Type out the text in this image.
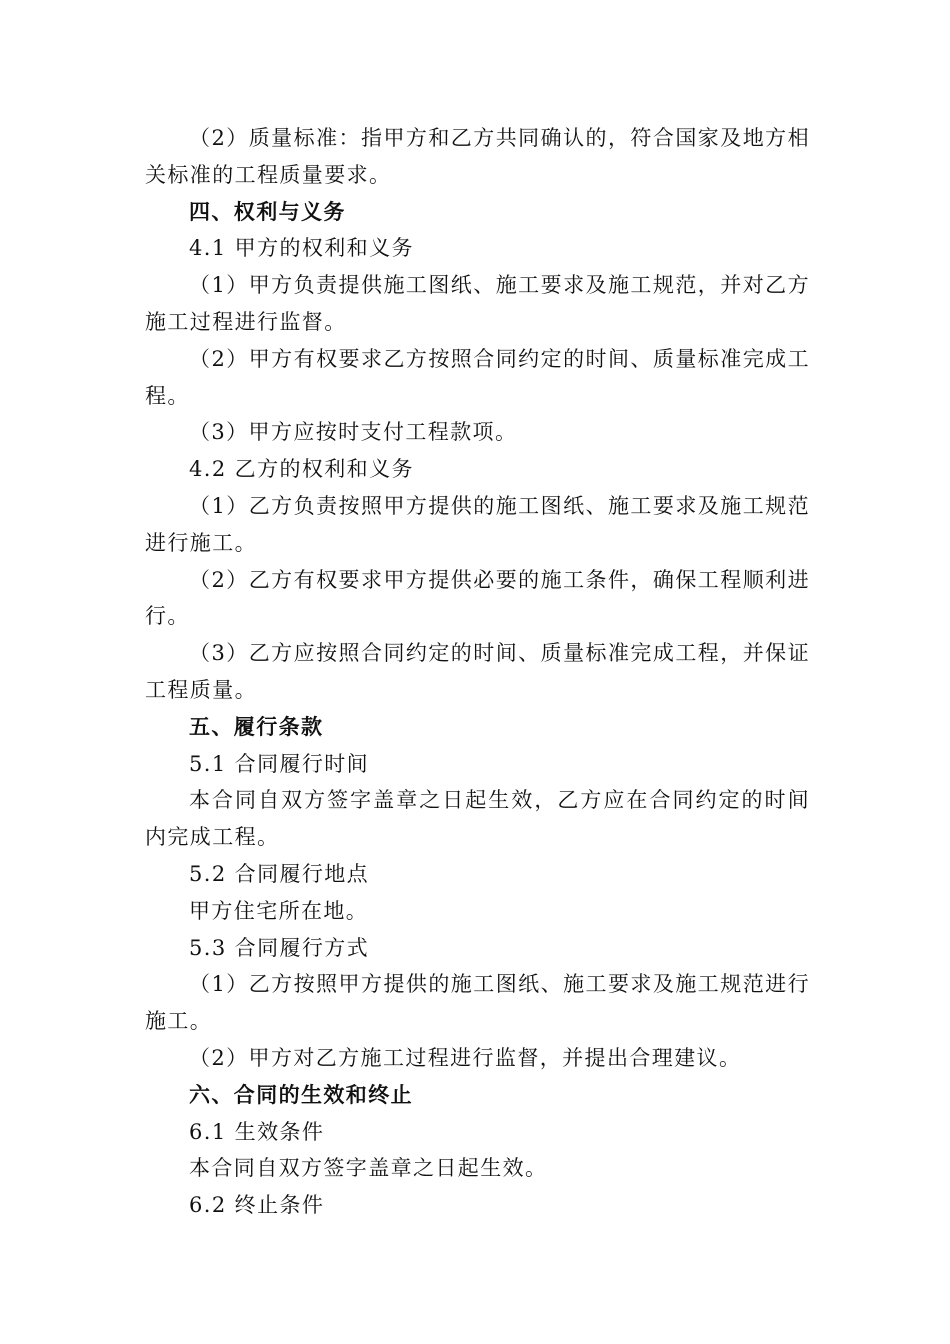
（2）质量标准：指甲方和乙方共同确认的，符合国家及地方相关标准的工程质量要求。

四、权利与义务

4.1 甲方的权利和义务

（1）甲方负责提供施工图纸、施工要求及施工规范，并对乙方施工过程进行监督。

（2）甲方有权要求乙方按照合同约定的时间、质量标准完成工程。

（3）甲方应按时支付工程款项。

4.2 乙方的权利和义务

（1）乙方负责按照甲方提供的施工图纸、施工要求及施工规范进行施工。

（2）乙方有权要求甲方提供必要的施工条件，确保工程顺利进行。

（3）乙方应按照合同约定的时间、质量标准完成工程，并保证工程质量。

五、履行条款

5.1 合同履行时间

本合同自双方签字盖章之日起生效，乙方应在合同约定的时间内完成工程。

5.2 合同履行地点

甲方住宅所在地。

5.3 合同履行方式

（1）乙方按照甲方提供的施工图纸、施工要求及施工规范进行施工。

（2）甲方对乙方施工过程进行监督，并提出合理建议。

六、合同的生效和终止

6.1 生效条件

本合同自双方签字盖章之日起生效。

6.2 终止条件
